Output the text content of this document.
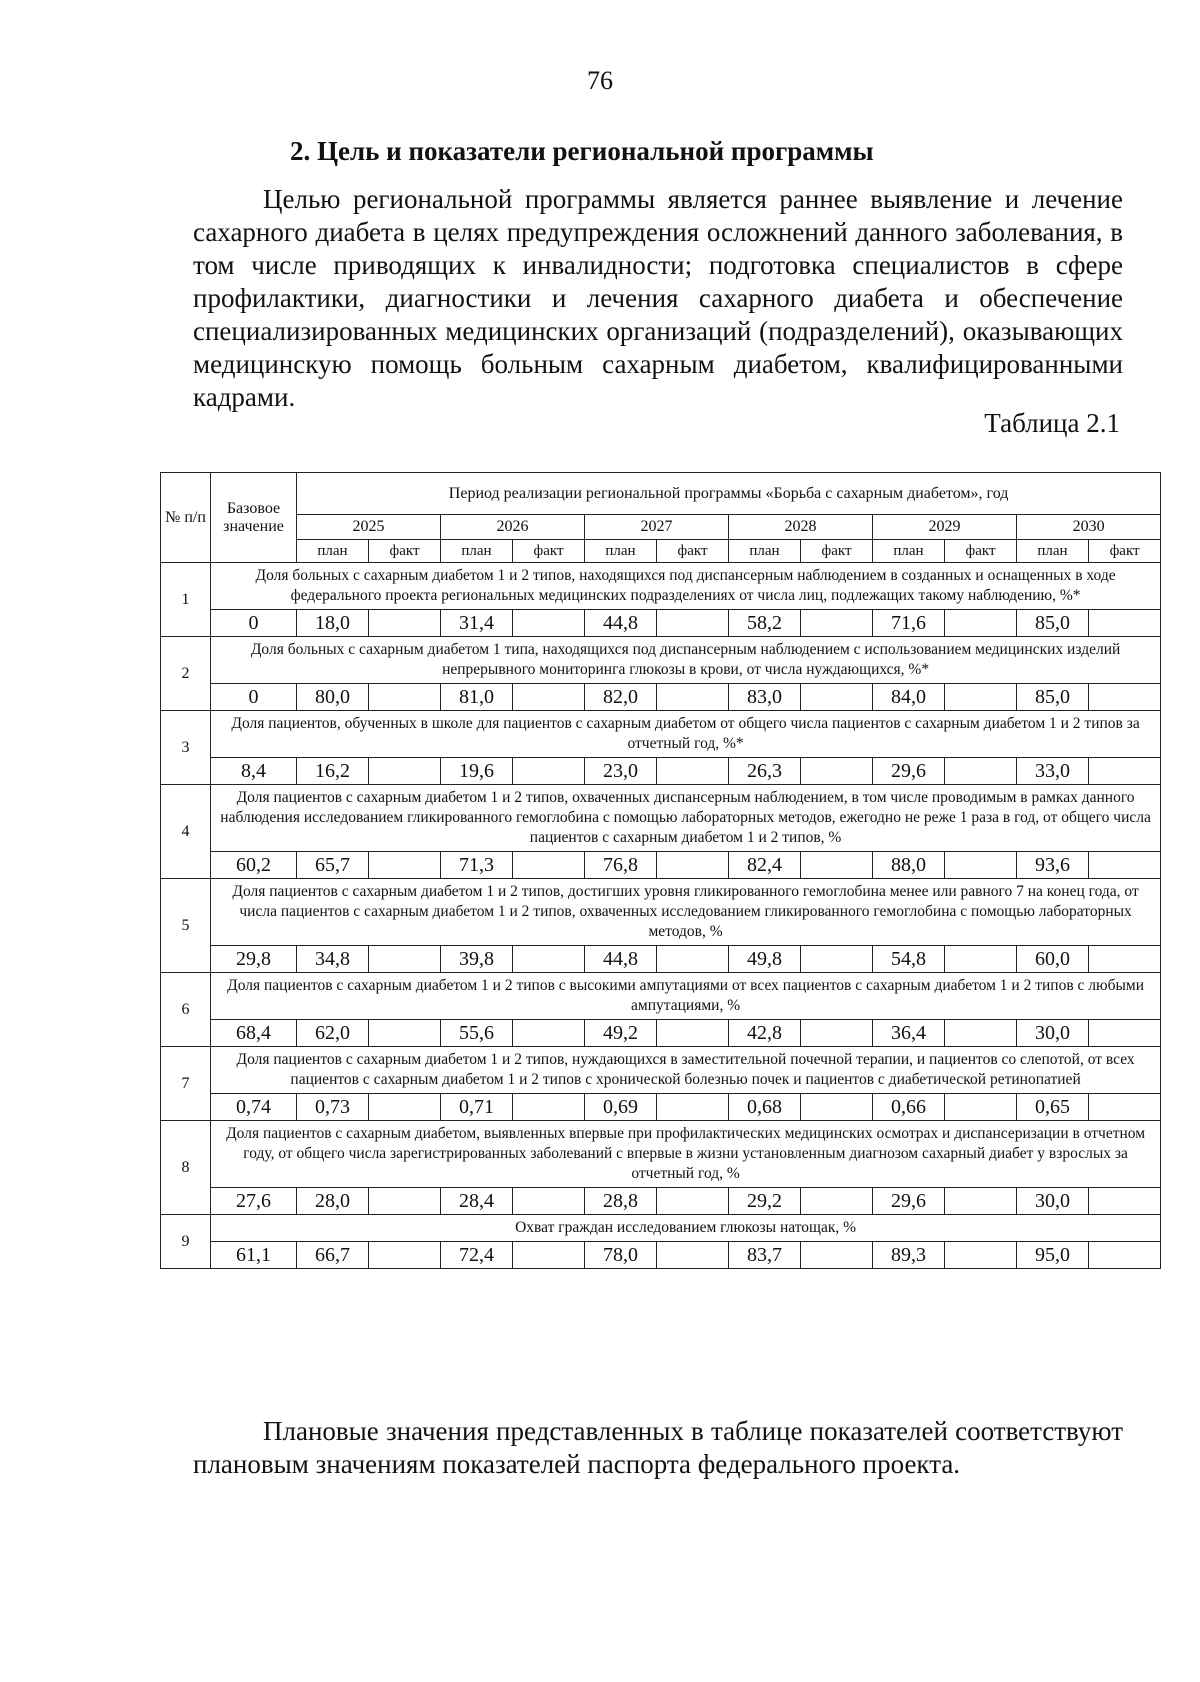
76
2. Цель и показатели региональной программы

Целью региональной программы является раннее выявление и лечение сахарного диабета в целях предупреждения осложнений данного заболевания, в том числе приводящих к инвалидности; подготовка специалистов в сфере профилактики, диагностики и лечения сахарного диабета и обеспечение специализированных медицинских организаций (подразделений), оказывающих медицинскую помощь больным сахарным диабетом, квалифицированными кадрами.

Таблица 2.1
№ п/п	Базовое значение	Период реализации региональной программы «Борьба с сахарным диабетом», год											
		2025		2026		2027		2028		2029		2030	
		план	факт	план	факт	план	факт	план	факт	план	факт	план	факт
1	Доля больных с сахарным диабетом 1 и 2 типов, находящихся под диспансерным наблюдением в созданных и оснащенных в ходе федерального проекта региональных медицинских подразделениях от числа лиц, подлежащих такому наблюдению, %*												
	0	18,0		31,4		44,8		58,2		71,6		85,0	
2	Доля больных с сахарным диабетом 1 типа, находящихся под диспансерным наблюдением с использованием медицинских изделий непрерывного мониторинга глюкозы в крови, от числа нуждающихся, %*												
	0	80,0		81,0		82,0		83,0		84,0		85,0	
3	Доля пациентов, обученных в школе для пациентов с сахарным диабетом от общего числа пациентов с сахарным диабетом 1 и 2 типов за отчетный год, %*												
	8,4	16,2		19,6		23,0		26,3		29,6		33,0	
4	Доля пациентов с сахарным диабетом 1 и 2 типов, охваченных диспансерным наблюдением, в том числе проводимым в рамках данного наблюдения исследованием гликированного гемоглобина с помощью лабораторных методов, ежегодно не реже 1 раза в год, от общего числа пациентов с сахарным диабетом 1 и 2 типов, %												
	60,2	65,7		71,3		76,8		82,4		88,0		93,6	
5	Доля пациентов с сахарным диабетом 1 и 2 типов, достигших уровня гликированного гемоглобина менее или равного 7 на конец года, от числа пациентов с сахарным диабетом 1 и 2 типов, охваченных исследованием гликированного гемоглобина с помощью лабораторных методов, %												
	29,8	34,8		39,8		44,8		49,8		54,8		60,0	
6	Доля пациентов с сахарным диабетом 1 и 2 типов с высокими ампутациями от всех пациентов с сахарным диабетом 1 и 2 типов с любыми ампутациями, %												
	68,4	62,0		55,6		49,2		42,8		36,4		30,0	
7	Доля пациентов с сахарным диабетом 1 и 2 типов, нуждающихся в заместительной почечной терапии, и пациентов со слепотой, от всех пациентов с сахарным диабетом 1 и 2 типов с хронической болезнью почек и пациентов с диабетической ретинопатией												
	0,74	0,73		0,71		0,69		0,68		0,66		0,65	
8	Доля пациентов с сахарным диабетом, выявленных впервые при профилактических медицинских осмотрах и диспансеризации в отчетном году, от общего числа зарегистрированных заболеваний с впервые в жизни установленным диагнозом сахарный диабет у взрослых за отчетный год, %												
	27,6	28,0		28,4		28,8		29,2		29,6		30,0	
9	Охват граждан исследованием глюкозы натощак, %												
	61,1	66,7		72,4		78,0		83,7		89,3		95,0	

Плановые значения представленных в таблице показателей соответствуют плановым значениям показателей паспорта федерального проекта.
